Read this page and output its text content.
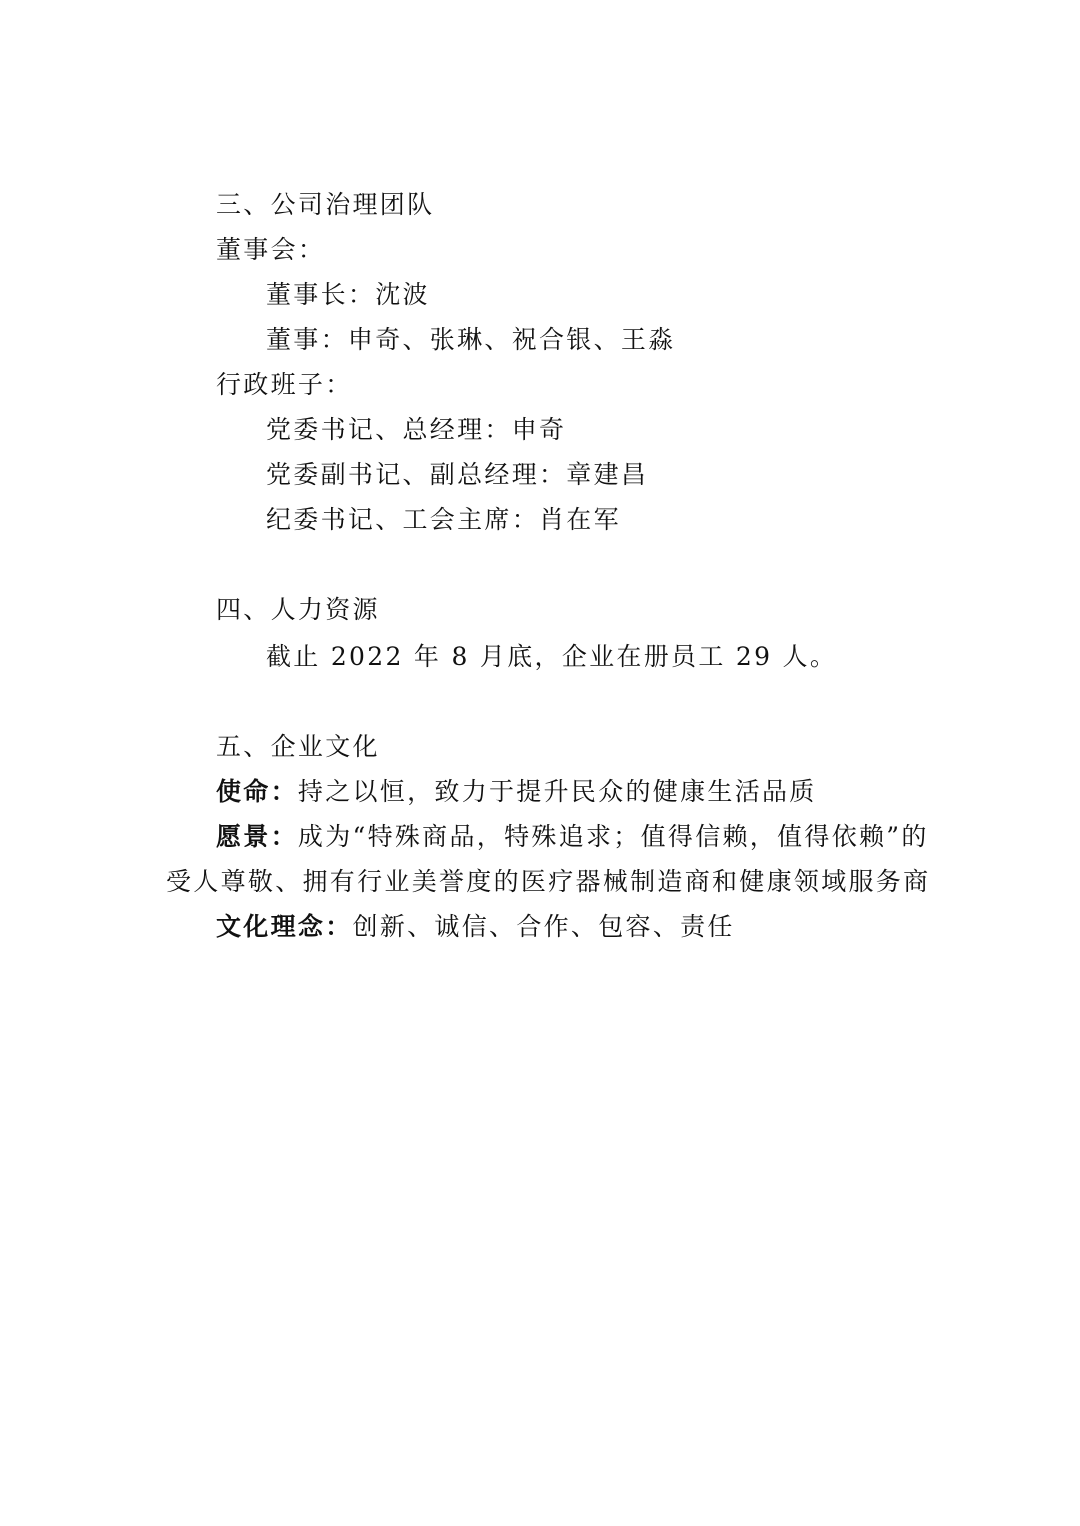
三、公司治理团队
董事会：
董事长：沈波
董事：申奇、张琳、祝合银、王淼
行政班子：
党委书记、总经理：申奇
党委副书记、副总经理：章建昌
纪委书记、工会主席：肖在军
四、人力资源
截止 2022 年 8 月底，企业在册员工 29 人。
五、企业文化
使命：持之以恒，致力于提升民众的健康生活品质
愿景：成为“特殊商品，特殊追求；值得信赖，值得依赖”的
受人尊敬、拥有行业美誉度的医疗器械制造商和健康领域服务商
文化理念：创新、诚信、合作、包容、责任
